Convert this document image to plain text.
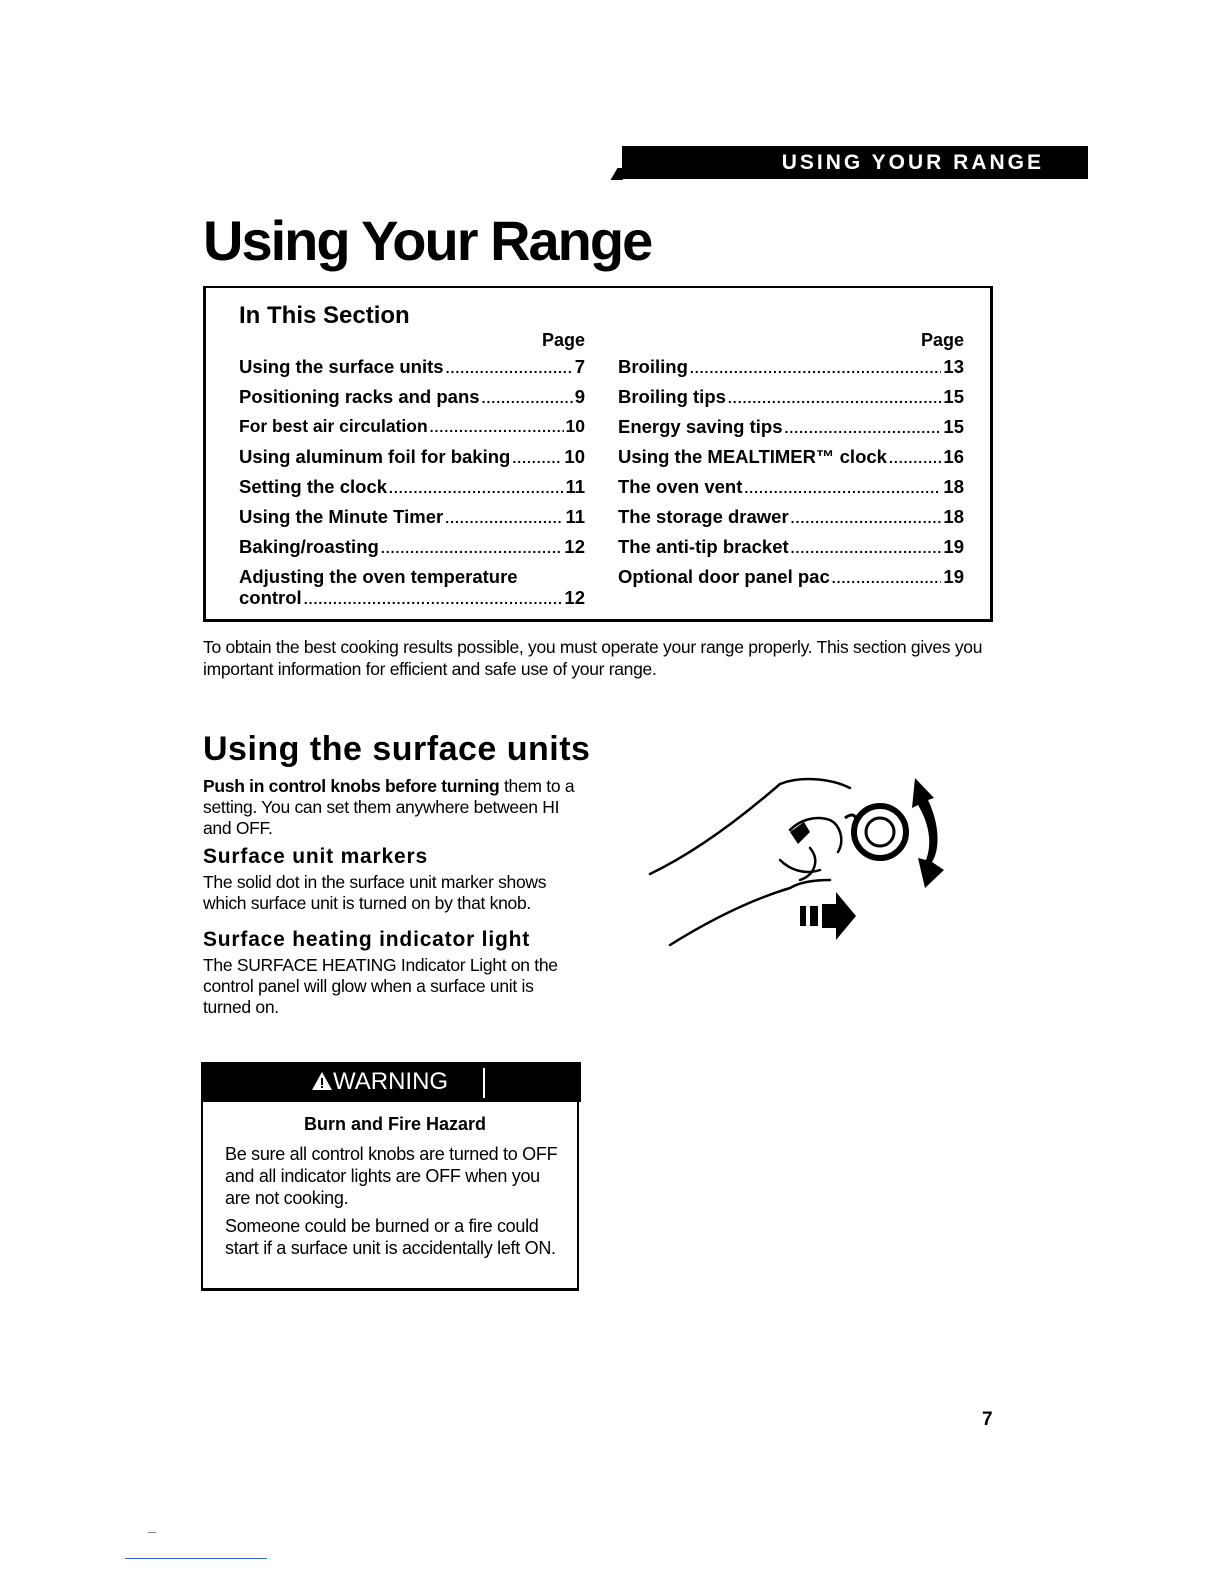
USING YOUR RANGE
Using Your Range
In This Section
Page
Using the surface units .....	7
Positioning racks and pans .....	9
For best air circulation .....	10
Using aluminum foil for baking .....	10
Setting the clock .....	11
Using the Minute Timer .....	11
Baking/roasting .....	12
Adjusting the oven temperature
control .....	12
Page
Broiling .....	13
Broiling tips .....	15
Energy saving tips .....	15
Using the MEALTIMER™ clock .....	16
The oven vent .....	18
The storage drawer .....	18
The anti-tip bracket .....	19
Optional door panel pac .....	19

To obtain the best cooking results possible, you must operate your range properly. This section gives you important information for efficient and safe use of your range.

Using the surface units

Push in control knobs before turning them to a setting. You can set them anywhere between HI and OFF.

Surface unit markers

The solid dot in the surface unit marker shows which surface unit is turned on by that knob.

Surface heating indicator light

The SURFACE HEATING Indicator Light on the control panel will glow when a surface unit is turned on.

WARNING
Burn and Fire Hazard

Be sure all control knobs are turned to OFF and all indicator lights are OFF when you are not cooking.

Someone could be burned or a fire could start if a surface unit is accidentally left ON.

7
